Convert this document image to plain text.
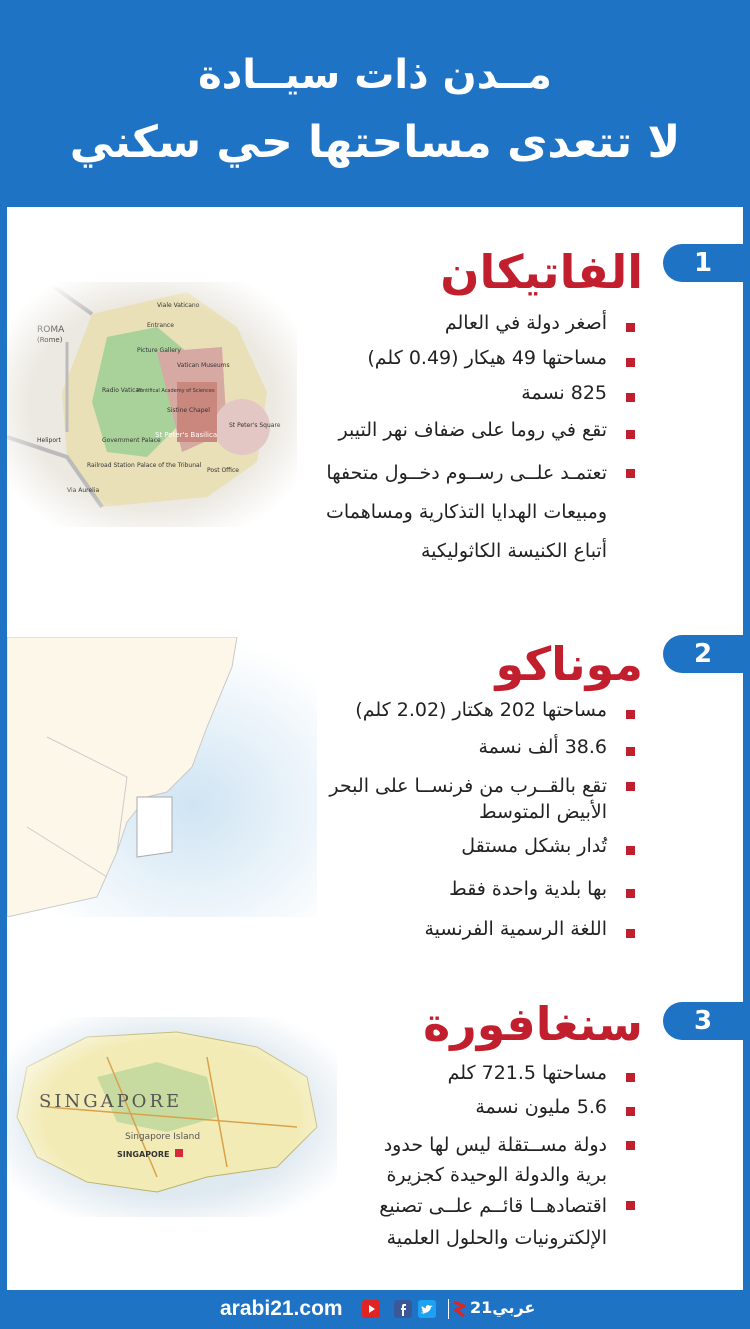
مــدن ذات سيــادة
لا تتعدى مساحتها حي سكني
1
الفاتيكان
أصغر دولة في العالم
مساحتها 49 هيكار (0.49 كلم)
825 نسمة
تقع في روما على ضفاف نهر التيبر
تعتمـد علــى رســوم دخــول متحفها
ومبيعات الهدايا التذكارية ومساهمات
أتباع الكنيسة الكاثوليكية
2
موناكو
مساحتها 202 هكتار (2.02 كلم)
38.6 ألف نسمة
تقع بالقــرب من فرنســا على البحر
الأبيض المتوسط
تُدار بشكل مستقل
بها بلدية واحدة فقط
اللغة الرسمية الفرنسية
3
سنغافورة
مساحتها 721.5 كلم
5.6 مليون نسمة
دولة مســتقلة ليس لها حدود
برية والدولة الوحيدة كجزيرة
اقتصادهــا قائــم علــى تصنيع
الإلكترونيات والحلول العلمية
arabi21.com	عربي21
